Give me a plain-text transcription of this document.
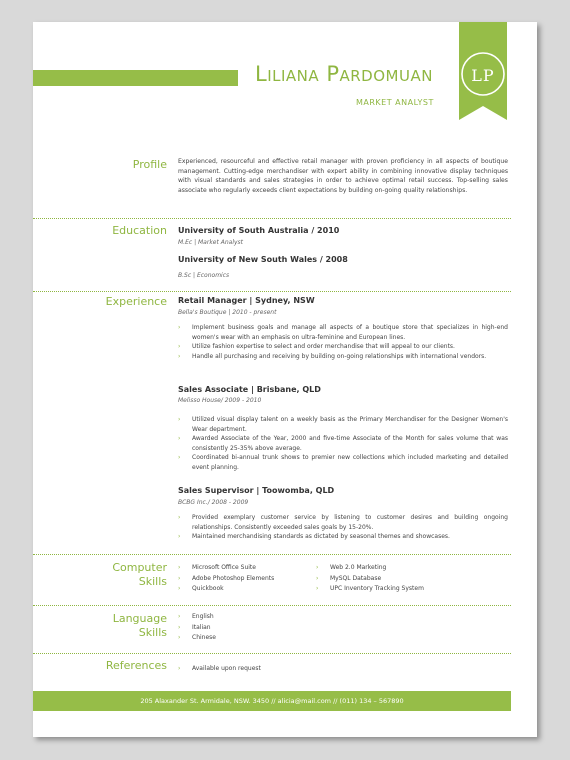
Liliana Pardomuan
MARKET ANALYST
LP
Profile Experienced, resourceful and effective retail manager with proven proficiency in all aspects of boutique management. Cutting-edge merchandiser with expert ability in combining innovative display techniques with visual standards and sales strategies in order to achieve optimal retail success. Top-selling sales associate who regularly exceeds client expectations by building on-going quality relationships.
Education University of South Australia / 2010
M.Ec | Market Analyst
University of New South Wales / 2008
B.Sc | Economics
Experience Retail Manager | Sydney, NSW
Bella's Boutique | 2010 - present
› Implement business goals and manage all aspects of a boutique store that specializes in high-end women's wear with an emphasis on ultra-feminine and European lines.
› Utilize fashion expertise to select and order merchandise that will appeal to our clients.
› Handle all purchasing and receiving by building on-going relationships with international vendors.
Sales Associate | Brisbane, QLD
Melisso House/ 2009 - 2010
› Utilized visual display talent on a weekly basis as the Primary Merchandiser for the Designer Women's Wear department.
› Awarded Associate of the Year, 2000 and five-time Associate of the Month for sales volume that was consistently 25-35% above average.
› Coordinated bi-annual trunk shows to premier new collections which included marketing and detailed event planning.
Sales Supervisor | Toowomba, QLD
BCBG Inc./ 2008 - 2009
› Provided exemplary customer service by listening to customer desires and building ongoing relationships. Consistently exceeded sales goals by 15-20%.
› Maintained merchandising standards as dictated by seasonal themes and showcases.
Computer
Skills
› Microsoft Office Suite
› Adobe Photoshop Elements
› Quickbook
› Web 2.0 Marketing
› MySQL Database
› UPC Inventory Tracking System
Language
Skills
› English
› Italian
› Chinese
References › Available upon request
205 Alaxander St. Armidale, NSW. 3450 // alicia@mail.com // (011) 134 – 567890
